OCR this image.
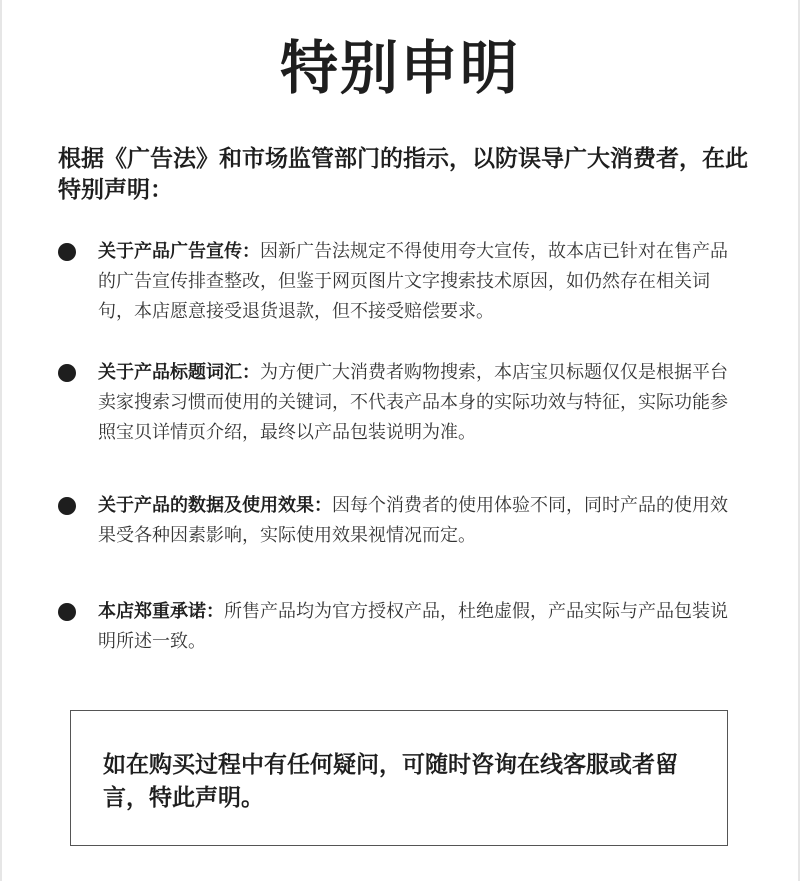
特别申明
根据《广告法》和市场监管部门的指示，以防误导广大消费者，在此特别声明：
关于产品广告宣传：因新广告法规定不得使用夸大宣传，故本店已针对在售产品的广告宣传排查整改，但鉴于网页图片文字搜索技术原因，如仍然存在相关词句，本店愿意接受退货退款，但不接受赔偿要求。
关于产品标题词汇：为方便广大消费者购物搜索，本店宝贝标题仅仅是根据平台卖家搜索习惯而使用的关键词，不代表产品本身的实际功效与特征，实际功能参照宝贝详情页介绍，最终以产品包装说明为准。
关于产品的数据及使用效果：因每个消费者的使用体验不同，同时产品的使用效果受各种因素影响，实际使用效果视情况而定。
本店郑重承诺：所售产品均为官方授权产品，杜绝虚假，产品实际与产品包装说明所述一致。
如在购买过程中有任何疑问，可随时咨询在线客服或者留言，特此声明。
